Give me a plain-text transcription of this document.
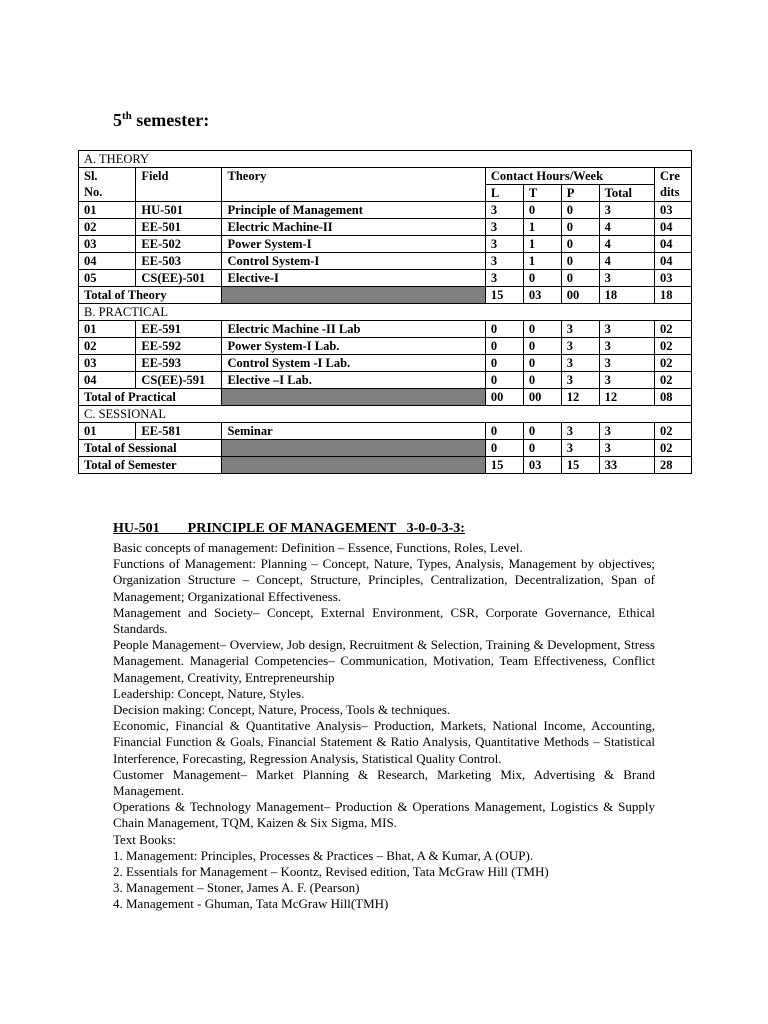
5th semester:
A. THEORY							
Sl.
No.	Field	Theory	Contact Hours/Week				Cre
dits
			L	T	P	Total	
01	HU-501	Principle of Management	3	0	0	3	03
02	EE-501	Electric Machine-II	3	1	0	4	04
03	EE-502	Power System-I	3	1	0	4	04
04	EE-503	Control System-I	3	1	0	4	04
05	CS(EE)-501	Elective-I	3	0	0	3	03
Total of Theory			15	03	00	18	18
B. PRACTICAL							
01	EE-591	Electric Machine -II Lab	0	0	3	3	02
02	EE-592	Power System-I Lab.	0	0	3	3	02
03	EE-593	Control System -I Lab.	0	0	3	3	02
04	CS(EE)-591	Elective –I Lab.	0	0	3	3	02
Total of Practical			00	00	12	12	08
C. SESSIONAL							
01	EE-581	Seminar	0	0	3	3	02
Total of Sessional			0	0	3	3	02
Total of Semester			15	03	15	33	28
HU-501        PRINCIPLE OF MANAGEMENT   3-0-0-3-3:

Basic concepts of management: Definition – Essence, Functions, Roles, Level.

Functions of Management: Planning – Concept, Nature, Types, Analysis, Management by objectives; Organization Structure – Concept, Structure, Principles, Centralization, Decentralization, Span of Management; Organizational Effectiveness.

Management and Society– Concept, External Environment, CSR, Corporate Governance, Ethical Standards.

People Management– Overview, Job design, Recruitment & Selection, Training & Development, Stress Management. Managerial Competencies– Communication, Motivation, Team Effectiveness, Conflict Management, Creativity, Entrepreneurship

Leadership: Concept, Nature, Styles.

Decision making: Concept, Nature, Process, Tools & techniques.

Economic, Financial & Quantitative Analysis– Production, Markets, National Income, Accounting, Financial Function & Goals, Financial Statement & Ratio Analysis, Quantitative Methods – Statistical Interference, Forecasting, Regression Analysis, Statistical Quality Control.

Customer Management– Market Planning & Research, Marketing Mix, Advertising & Brand Management.

Operations & Technology Management– Production & Operations Management, Logistics & Supply Chain Management, TQM, Kaizen & Six Sigma, MIS.

Text Books:

1. Management: Principles, Processes & Practices – Bhat, A & Kumar, A (OUP).

2. Essentials for Management – Koontz, Revised edition, Tata McGraw Hill (TMH)

3. Management – Stoner, James A. F. (Pearson)

4. Management - Ghuman, Tata McGraw Hill(TMH)
